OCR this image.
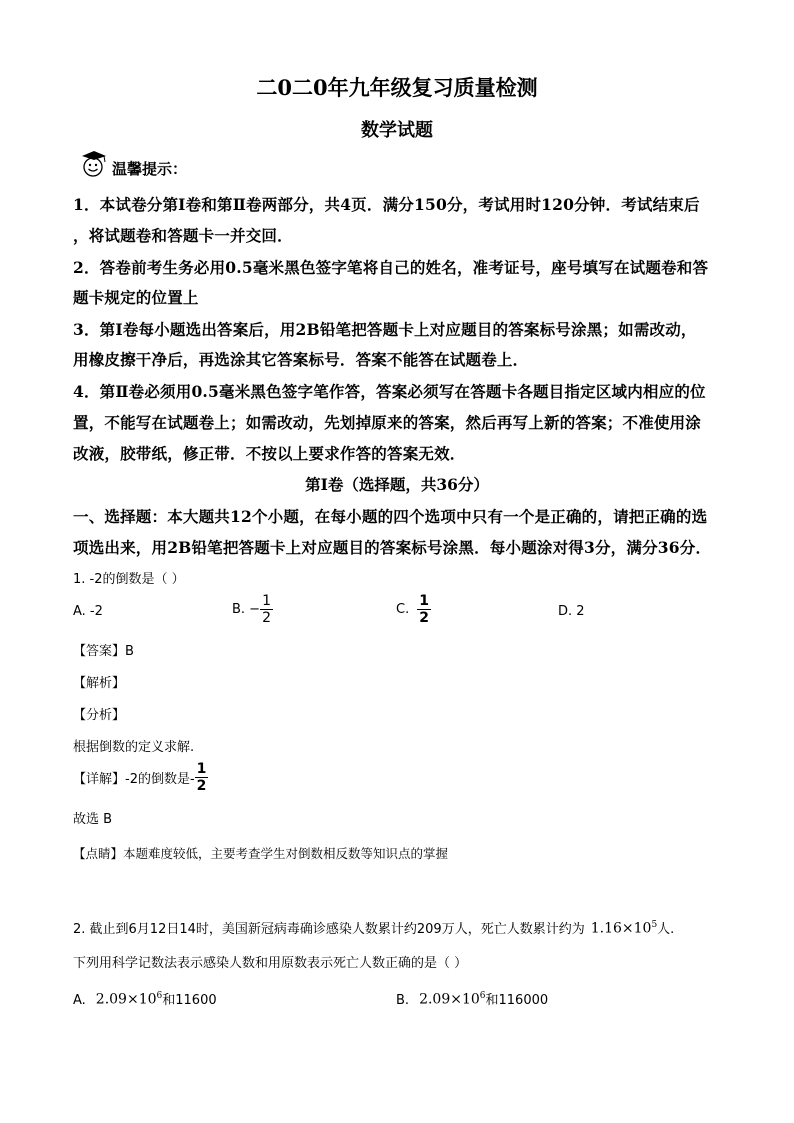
二0二0年九年级复习质量检测
数学试题
温馨提示：
1．本试卷分第Ⅰ卷和第Ⅱ卷两部分，共4页．满分150分，考试用时120分钟．考试结束后
，将试题卷和答题卡一并交回．
2．答卷前考生务必用0.5毫米黑色签字笔将自己的姓名，准考证号，座号填写在试题卷和答
题卡规定的位置上
3．第Ⅰ卷每小题选出答案后，用2B铅笔把答题卡上对应题目的答案标号涂黑；如需改动，
用橡皮擦干净后，再选涂其它答案标号．答案不能答在试题卷上．
4．第Ⅱ卷必须用0.5毫米黑色签字笔作答，答案必须写在答题卡各题目指定区域内相应的位
置，不能写在试题卷上；如需改动，先划掉原来的答案，然后再写上新的答案；不准使用涂
改液，胶带纸，修正带．不按以上要求作答的答案无效．
第Ⅰ卷（选择题，共36分）
一、选择题：本大题共12个小题，在每小题的四个选项中只有一个是正确的，请把正确的选
项选出来，用2B铅笔把答题卡上对应题目的答案标号涂黑．每小题涂对得3分，满分36分．
1. -2的倒数是（ ）
A. -2	B. − $\frac{1}{2}$	C. $\frac{1}{2}$	D. 2
【答案】B
【解析】
【分析】
根据倒数的定义求解.
【详解】-2的倒数是- $\frac{1}{2}$
故选 B
【点睛】本题难度较低，主要考查学生对倒数相反数等知识点的掌握
2. 截止到6月12日14时，美国新冠病毒确诊感染人数累计约209万人，死亡人数累计约为 $1.16\times 10^5$ 人.
下列用科学记数法表示感染人数和用原数表示死亡人数正确的是（ ）
A. $2.09\times 10^6$ 和11600	B. $2.09\times 10^6$ 和116000
